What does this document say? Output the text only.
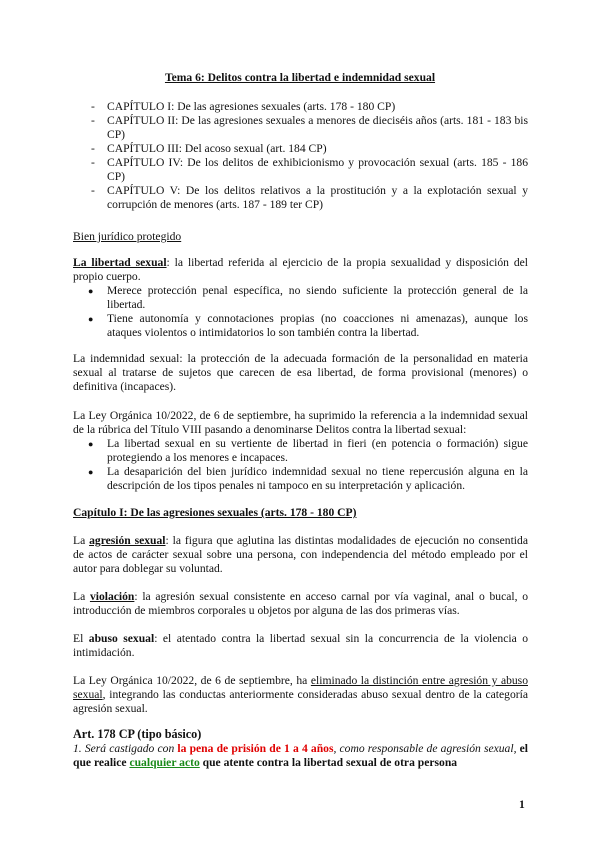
Tema 6: Delitos contra la libertad e indemnidad sexual
- CAPÍTULO I: De las agresiones sexuales (arts. 178 - 180 CP)
- CAPÍTULO II: De las agresiones sexuales a menores de dieciséis años (arts. 181 - 183 bis CP)
- CAPÍTULO III: Del acoso sexual (art. 184 CP)
- CAPÍTULO IV: De los delitos de exhibicionismo y provocación sexual (arts. 185 - 186 CP)
- CAPÍTULO V: De los delitos relativos a la prostitución y a la explotación sexual y corrupción de menores (arts. 187 - 189 ter CP)
Bien jurídico protegido
La libertad sexual: la libertad referida al ejercicio de la propia sexualidad y disposición del propio cuerpo.
● Merece protección penal específica, no siendo suficiente la protección general de la libertad.
● Tiene autonomía y connotaciones propias (no coacciones ni amenazas), aunque los ataques violentos o intimidatorios lo son también contra la libertad.
La indemnidad sexual: la protección de la adecuada formación de la personalidad en materia sexual al tratarse de sujetos que carecen de esa libertad, de forma provisional (menores) o definitiva (incapaces).
La Ley Orgánica 10/2022, de 6 de septiembre, ha suprimido la referencia a la indemnidad sexual de la rúbrica del Título VIII pasando a denominarse Delitos contra la libertad sexual:
● La libertad sexual en su vertiente de libertad in fieri (en potencia o formación) sigue protegiendo a los menores e incapaces.
● La desaparición del bien jurídico indemnidad sexual no tiene repercusión alguna en la descripción de los tipos penales ni tampoco en su interpretación y aplicación.
Capítulo I: De las agresiones sexuales (arts. 178 - 180 CP)
La agresión sexual: la figura que aglutina las distintas modalidades de ejecución no consentida de actos de carácter sexual sobre una persona, con independencia del método empleado por el autor para doblegar su voluntad.
La violación: la agresión sexual consistente en acceso carnal por vía vaginal, anal o bucal, o introducción de miembros corporales u objetos por alguna de las dos primeras vías.
El abuso sexual: el atentado contra la libertad sexual sin la concurrencia de la violencia o intimidación.
La Ley Orgánica 10/2022, de 6 de septiembre, ha eliminado la distinción entre agresión y abuso sexual, integrando las conductas anteriormente consideradas abuso sexual dentro de la categoría agresión sexual.
Art. 178 CP (tipo básico)
1. Será castigado con la pena de prisión de 1 a 4 años, como responsable de agresión sexual, el que realice cualquier acto que atente contra la libertad sexual de otra persona
1
